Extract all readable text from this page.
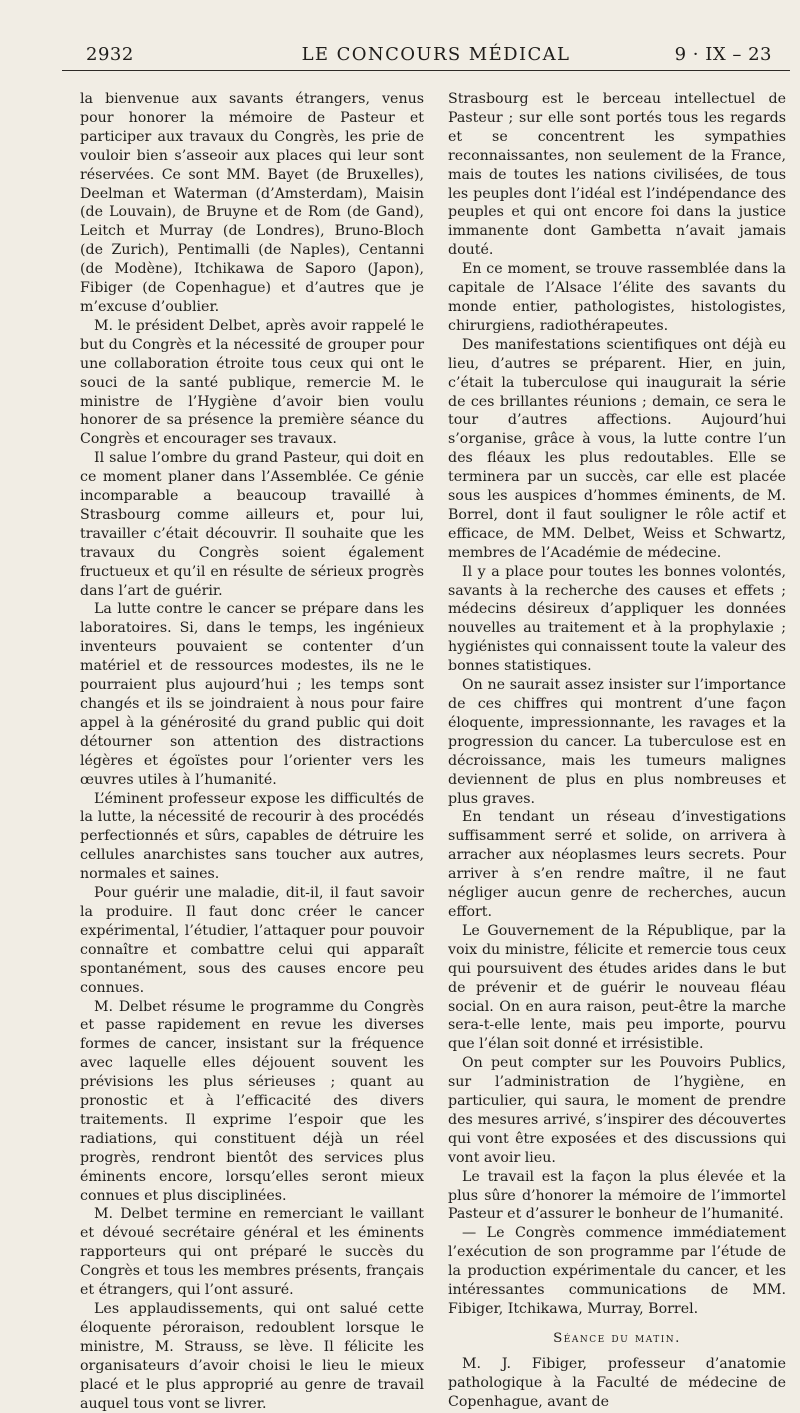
2932	LE CONCOURS MÉDICAL	9 · IX – 23

la bienvenue aux savants étrangers, venus pour honorer la mémoire de Pasteur et participer aux travaux du Congrès, les prie de vouloir bien s’asseoir aux places qui leur sont réservées. Ce sont MM. Bayet (de Bruxelles), Deelman et Waterman (d’Amsterdam), Maisin (de Louvain), de Bruyne et de Rom (de Gand), Leitch et Murray (de Londres), Bruno-Bloch (de Zurich), Pentimalli (de Naples), Centanni (de Modène), Itchikawa de Saporo (Japon), Fibiger (de Copenhague) et d’autres que je m’excuse d’oublier.

M. le président Delbet, après avoir rappelé le but du Congrès et la nécessité de grouper pour une collaboration étroite tous ceux qui ont le souci de la santé publique, remercie M. le ministre de l’Hygiène d’avoir bien voulu honorer de sa présence la première séance du Congrès et encourager ses travaux.

Il salue l’ombre du grand Pasteur, qui doit en ce moment planer dans l’Assemblée. Ce génie incomparable a beaucoup travaillé à Strasbourg comme ailleurs et, pour lui, travailler c’était découvrir. Il souhaite que les travaux du Congrès soient également fructueux et qu’il en résulte de sérieux progrès dans l’art de guérir.

La lutte contre le cancer se prépare dans les laboratoires. Si, dans le temps, les ingénieux inventeurs pouvaient se contenter d’un matériel et de ressources modestes, ils ne le pourraient plus aujourd’hui ; les temps sont changés et ils se joindraient à nous pour faire appel à la générosité du grand public qui doit détourner son attention des distractions légères et égoïstes pour l’orienter vers les œuvres utiles à l’humanité.

L’éminent professeur expose les difficultés de la lutte, la nécessité de recourir à des procédés perfectionnés et sûrs, capables de détruire les cellules anarchistes sans toucher aux autres, normales et saines.

Pour guérir une maladie, dit-il, il faut savoir la produire. Il faut donc créer le cancer expérimental, l’étudier, l’attaquer pour pouvoir connaître et combattre celui qui apparaît spontanément, sous des causes encore peu connues.

M. Delbet résume le programme du Congrès et passe rapidement en revue les diverses formes de cancer, insistant sur la fréquence avec laquelle elles déjouent souvent les prévisions les plus sérieuses ; quant au pronostic et à l’efficacité des divers traitements. Il exprime l’espoir que les radiations, qui constituent déjà un réel progrès, rendront bientôt des services plus éminents encore, lorsqu’elles seront mieux connues et plus disciplinées.

M. Delbet termine en remerciant le vaillant et dévoué secrétaire général et les éminents rapporteurs qui ont préparé le succès du Congrès et tous les membres présents, français et étrangers, qui l’ont assuré.

Les applaudissements, qui ont salué cette éloquente péroraison, redoublent lorsque le ministre, M. Strauss, se lève. Il félicite les organisateurs d’avoir choisi le lieu le mieux placé et le plus approprié au genre de travail auquel tous vont se livrer.

Strasbourg est le berceau intellectuel de Pasteur ; sur elle sont portés tous les regards et se concentrent les sympathies reconnaissantes, non seulement de la France, mais de toutes les nations civilisées, de tous les peuples dont l’idéal est l’indépendance des peuples et qui ont encore foi dans la justice immanente dont Gambetta n’avait jamais douté.

En ce moment, se trouve rassemblée dans la capitale de l’Alsace l’élite des savants du monde entier, pathologistes, histologistes, chirurgiens, radiothérapeutes.

Des manifestations scientifiques ont déjà eu lieu, d’autres se préparent. Hier, en juin, c’était la tuberculose qui inaugurait la série de ces brillantes réunions ; demain, ce sera le tour d’autres affections. Aujourd’hui s’organise, grâce à vous, la lutte contre l’un des fléaux les plus redoutables. Elle se terminera par un succès, car elle est placée sous les auspices d’hommes éminents, de M. Borrel, dont il faut souligner le rôle actif et efficace, de MM. Delbet, Weiss et Schwartz, membres de l’Académie de médecine.

Il y a place pour toutes les bonnes volontés, savants à la recherche des causes et effets ; médecins désireux d’appliquer les données nouvelles au traitement et à la prophylaxie ; hygiénistes qui connaissent toute la valeur des bonnes statistiques.

On ne saurait assez insister sur l’importance de ces chiffres qui montrent d’une façon éloquente, impressionnante, les ravages et la progression du cancer. La tuberculose est en décroissance, mais les tumeurs malignes deviennent de plus en plus nombreuses et plus graves.

En tendant un réseau d’investigations suffisamment serré et solide, on arrivera à arracher aux néoplasmes leurs secrets. Pour arriver à s’en rendre maître, il ne faut négliger aucun genre de recherches, aucun effort.

Le Gouvernement de la République, par la voix du ministre, félicite et remercie tous ceux qui poursuivent des études arides dans le but de prévenir et de guérir le nouveau fléau social. On en aura raison, peut-être la marche sera-t-elle lente, mais peu importe, pourvu que l’élan soit donné et irrésistible.

On peut compter sur les Pouvoirs Publics, sur l’administration de l’hygiène, en particulier, qui saura, le moment de prendre des mesures arrivé, s’inspirer des découvertes qui vont être exposées et des discussions qui vont avoir lieu.

Le travail est la façon la plus élevée et la plus sûre d’honorer la mémoire de l’immortel Pasteur et d’assurer le bonheur de l’humanité.

— Le Congrès commence immédiatement l’exécution de son programme par l’étude de la production expérimentale du cancer, et les intéressantes communications de MM. Fibiger, Itchikawa, Murray, Borrel.

Séance du matin.

M. J. Fibiger, professeur d’anatomie pathologique à la Faculté de médecine de Copenhague, avant de
